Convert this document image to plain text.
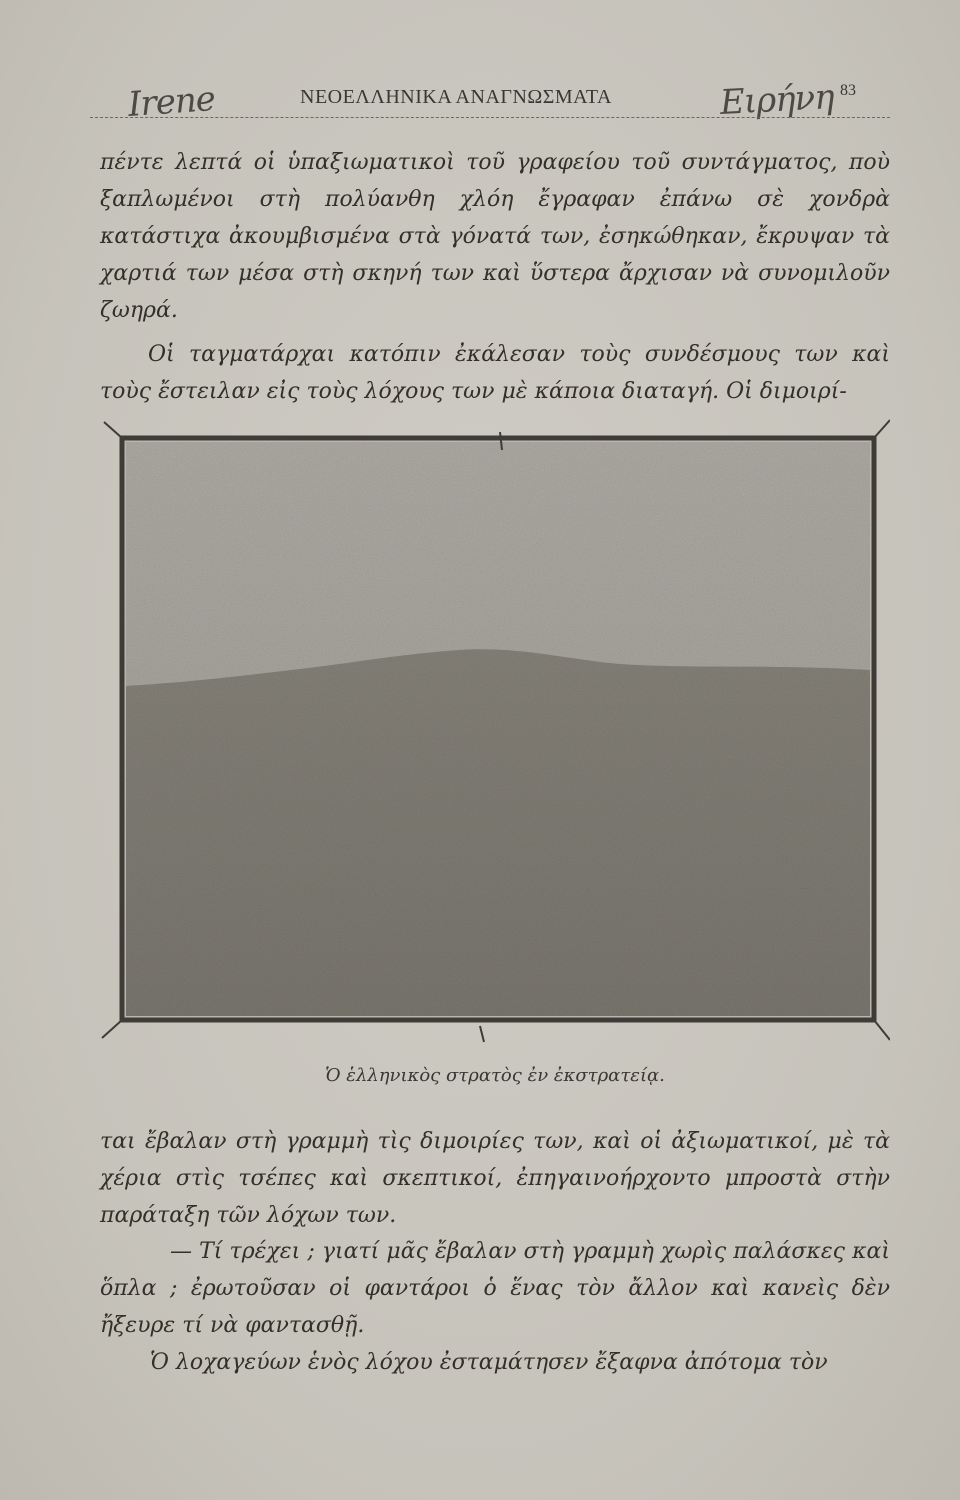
Irene	ΝΕΟΕΛΛΗΝΙΚΑ ΑΝΑΓΝΩΣΜΑΤΑ	Ειρήνη 83
πέντε λεπτά οἱ ὑπαξιωματικοὶ τοῦ γραφείου τοῦ συντάγματος, ποὺ ξαπλωμένοι στὴ πολύανθη χλόη ἔγραφαν ἐπάνω σὲ χονδρὰ κατάστιχα ἀκουμβισμένα στὰ γόνατά των, ἐσηκώθηκαν, ἔκρυψαν τὰ χαρτιά των μέσα στὴ σκηνή των καὶ ὕστερα ἄρχισαν νὰ συνομιλοῦν ζωηρά.
Οἱ ταγματάρχαι κατόπιν ἐκάλεσαν τοὺς συνδέσμους των καὶ τοὺς ἔστειλαν εἰς τοὺς λόχους των μὲ κάποια διαταγή. Οἱ διμοιρί-
Ὁ ἑλληνικὸς στρατὸς ἐν ἐκστρατείᾳ.
ται ἔβαλαν στὴ γραμμὴ τὶς διμοιρίες των, καὶ οἱ ἀξιωματικοί, μὲ τὰ χέρια στὶς τσέπες καὶ σκεπτικοί, ἐπηγαινοήρχοντο μπροστὰ στὴν παράταξη τῶν λόχων των.
— Τί τρέχει ; γιατί μᾶς ἔβαλαν στὴ γραμμὴ χωρὶς παλάσκες καὶ ὅπλα ; ἐρωτοῦσαν οἱ φαντάροι ὁ ἕνας τὸν ἄλλον καὶ κανεὶς δὲν ἤξευρε τί νὰ φαντασθῇ.
Ὁ λοχαγεύων ἑνὸς λόχου ἐσταμάτησεν ἔξαφνα ἀπότομα τὸν
